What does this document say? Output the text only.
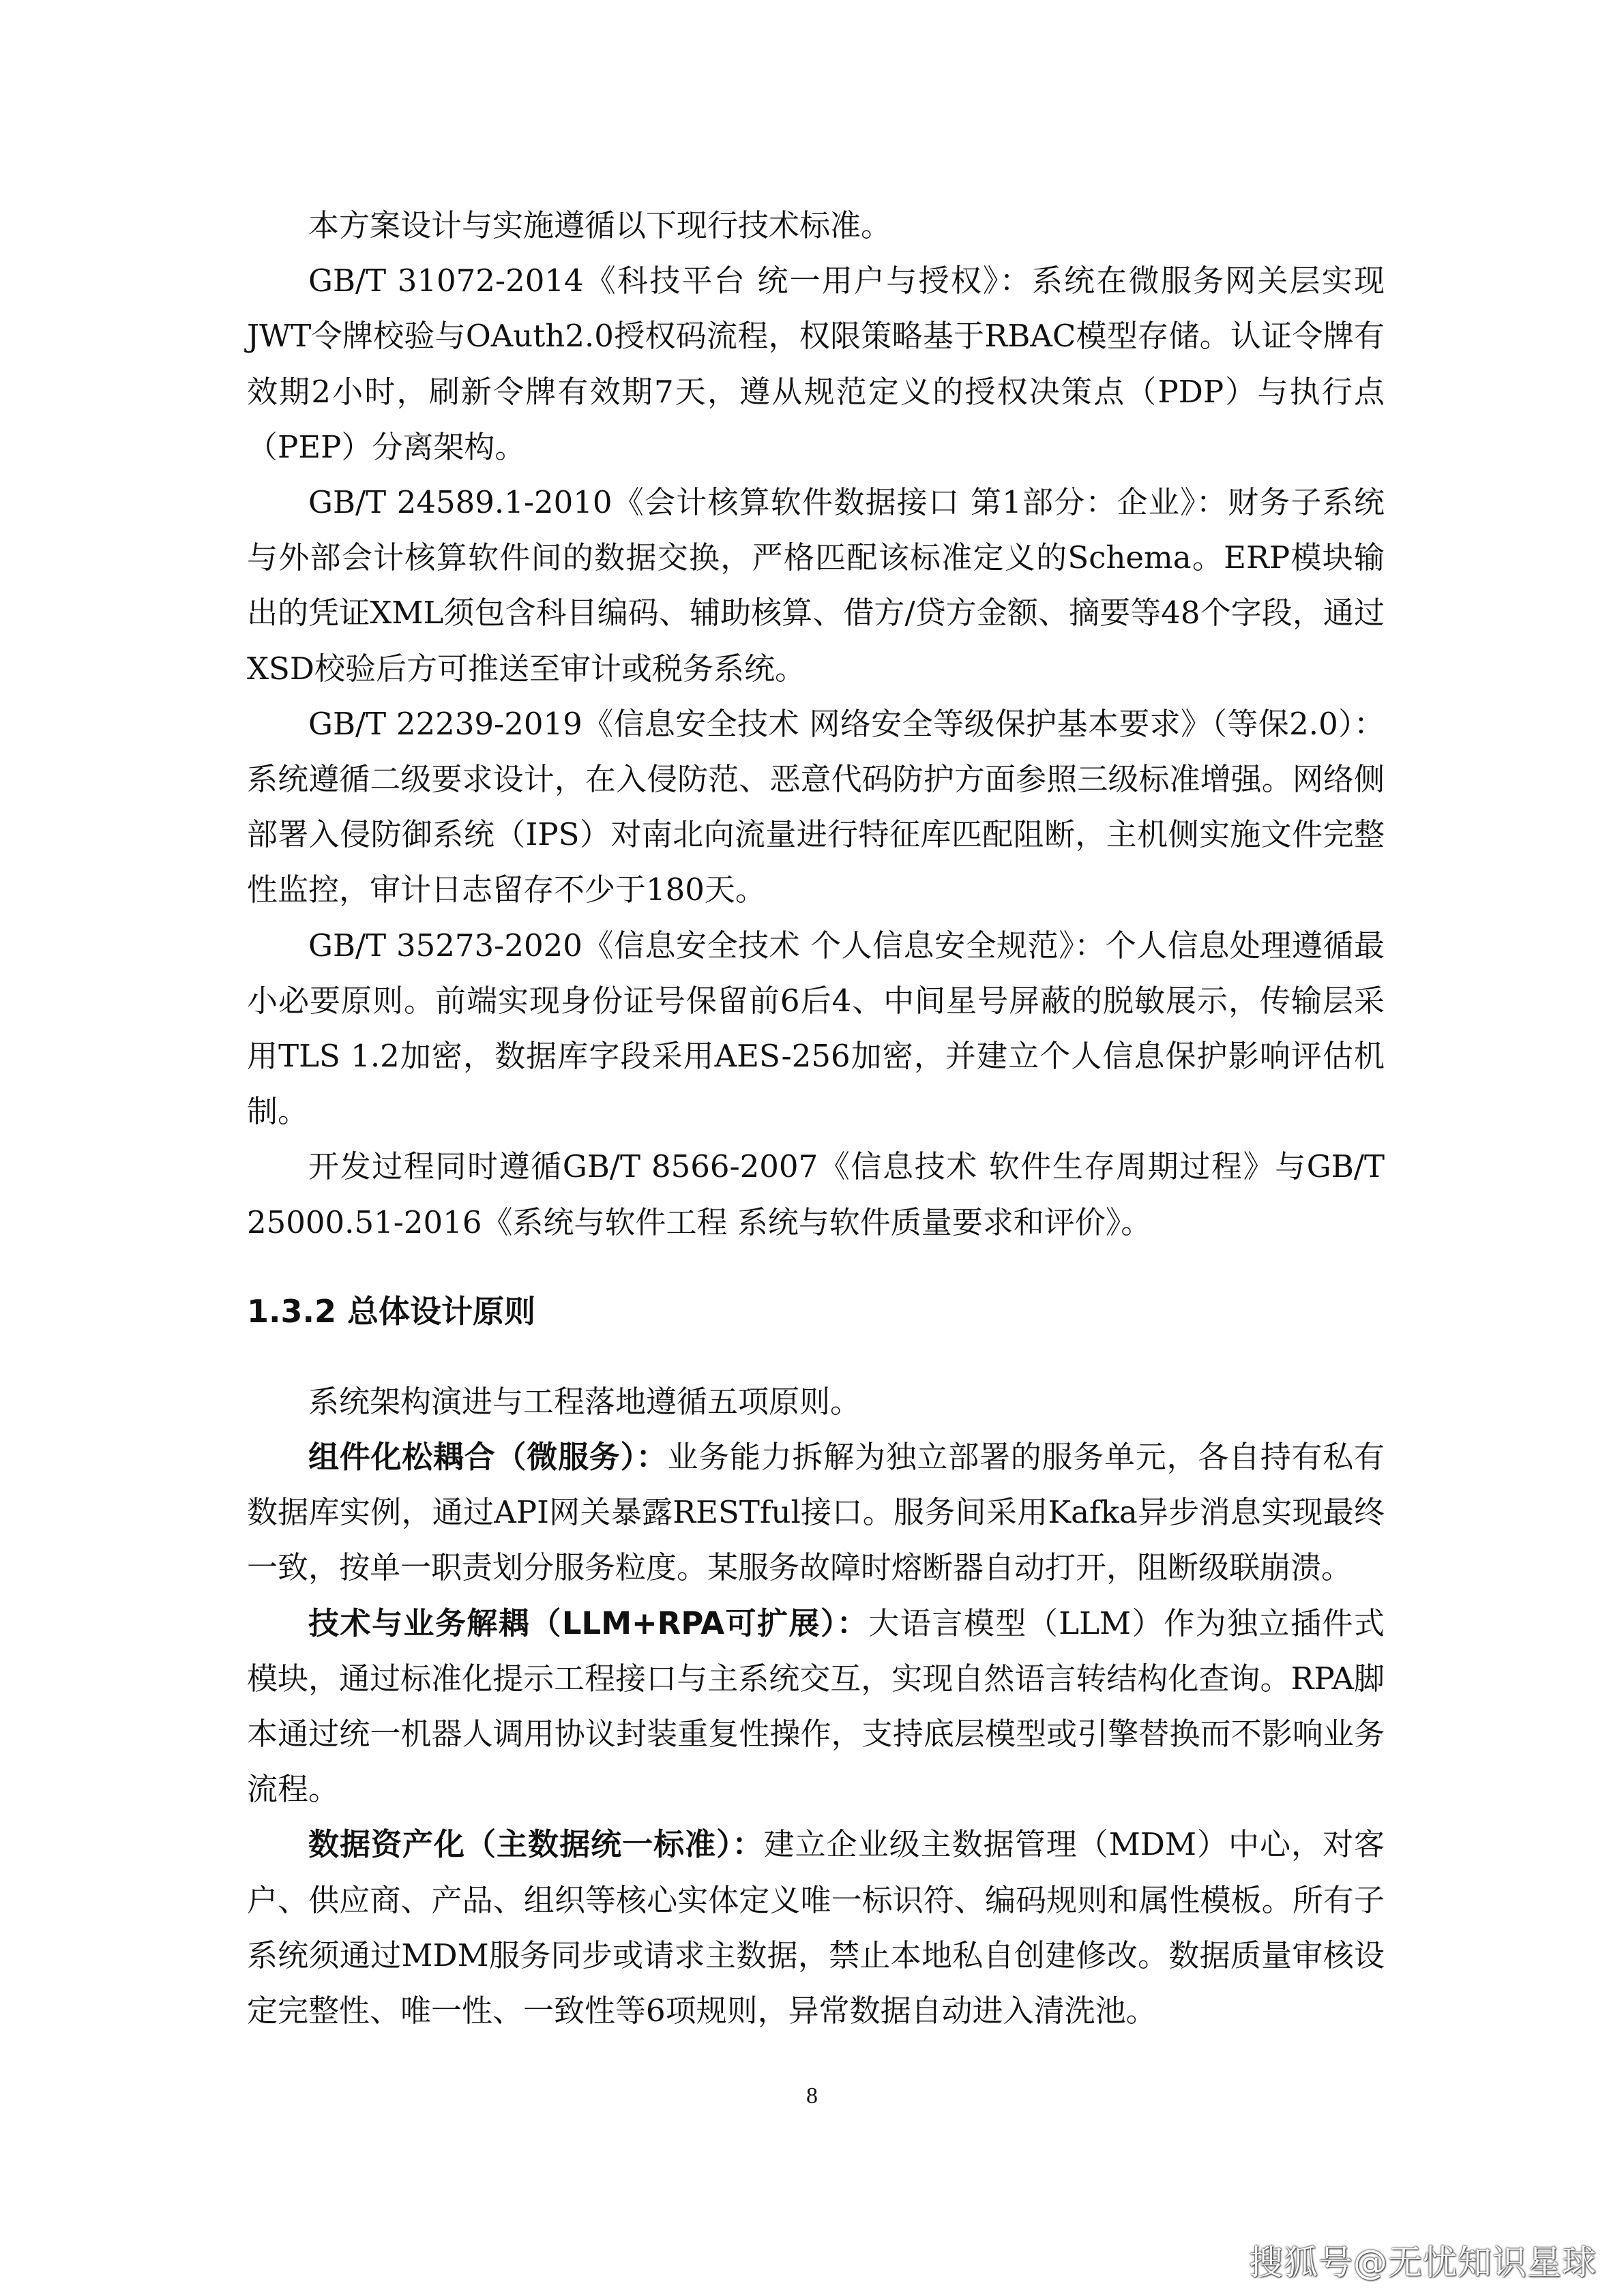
本方案设计与实施遵循以下现行技术标准。

GB/T 31072-2014《科技平台 统一用户与授权》：系统在微服务网关层实现JWT令牌校验与OAuth2.0授权码流程，权限策略基于RBAC模型存储。认证令牌有效期2小时，刷新令牌有效期7天，遵从规范定义的授权决策点（PDP）与执行点（PEP）分离架构。

GB/T 24589.1-2010《会计核算软件数据接口 第1部分：企业》：财务子系统与外部会计核算软件间的数据交换，严格匹配该标准定义的Schema。ERP模块输出的凭证XML须包含科目编码、辅助核算、借方/贷方金额、摘要等48个字段，通过XSD校验后方可推送至审计或税务系统。

GB/T 22239-2019《信息安全技术 网络安全等级保护基本要求》（等保2.0）：系统遵循二级要求设计，在入侵防范、恶意代码防护方面参照三级标准增强。网络侧部署入侵防御系统（IPS）对南北向流量进行特征库匹配阻断，主机侧实施文件完整性监控，审计日志留存不少于180天。

GB/T 35273-2020《信息安全技术 个人信息安全规范》：个人信息处理遵循最小必要原则。前端实现身份证号保留前6后4、中间星号屏蔽的脱敏展示，传输层采用TLS 1.2加密，数据库字段采用AES-256加密，并建立个人信息保护影响评估机制。

开发过程同时遵循GB/T 8566-2007《信息技术 软件生存周期过程》与GB/T 25000.51-2016《系统与软件工程 系统与软件质量要求和评价》。

1.3.2 总体设计原则

系统架构演进与工程落地遵循五项原则。

组件化松耦合（微服务）：业务能力拆解为独立部署的服务单元，各自持有私有数据库实例，通过API网关暴露RESTful接口。服务间采用Kafka异步消息实现最终一致，按单一职责划分服务粒度。某服务故障时熔断器自动打开，阻断级联崩溃。

技术与业务解耦（LLM+RPA可扩展）：大语言模型（LLM）作为独立插件式模块，通过标准化提示工程接口与主系统交互，实现自然语言转结构化查询。RPA脚本通过统一机器人调用协议封装重复性操作，支持底层模型或引擎替换而不影响业务流程。

数据资产化（主数据统一标准）：建立企业级主数据管理（MDM）中心，对客户、供应商、产品、组织等核心实体定义唯一标识符、编码规则和属性模板。所有子系统须通过MDM服务同步或请求主数据，禁止本地私自创建修改。数据质量审核设定完整性、唯一性、一致性等6项规则，异常数据自动进入清洗池。

8
搜狐号@无忧知识星球
